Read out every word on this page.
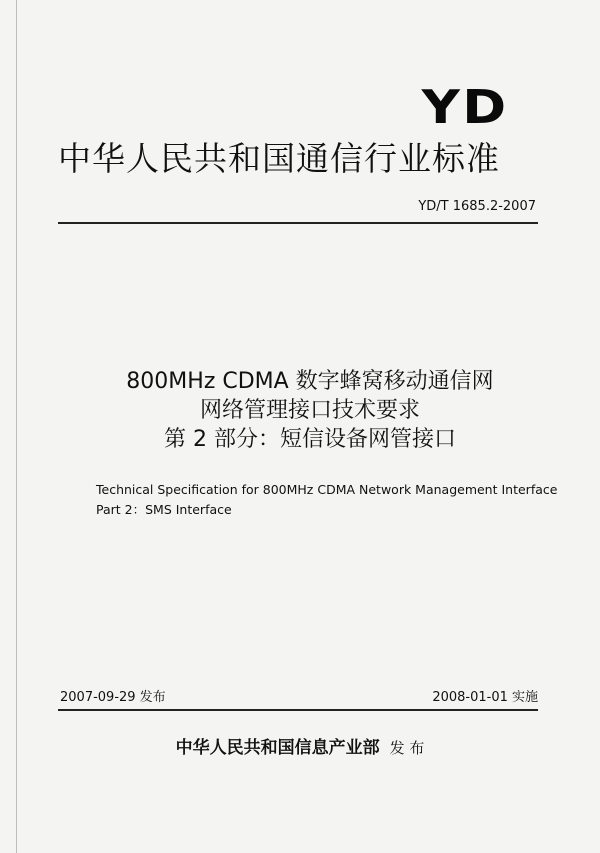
YD
中华人民共和国通信行业标准
YD/T 1685.2-2007
800MHz CDMA 数字蜂窝移动通信网
网络管理接口技术要求
第 2 部分：短信设备网管接口
Technical Specification for 800MHz CDMA Network Management Interface
Part 2：SMS Interface
2007-09-29 发布	2008-01-01 实施
中华人民共和国信息产业部 发 布
